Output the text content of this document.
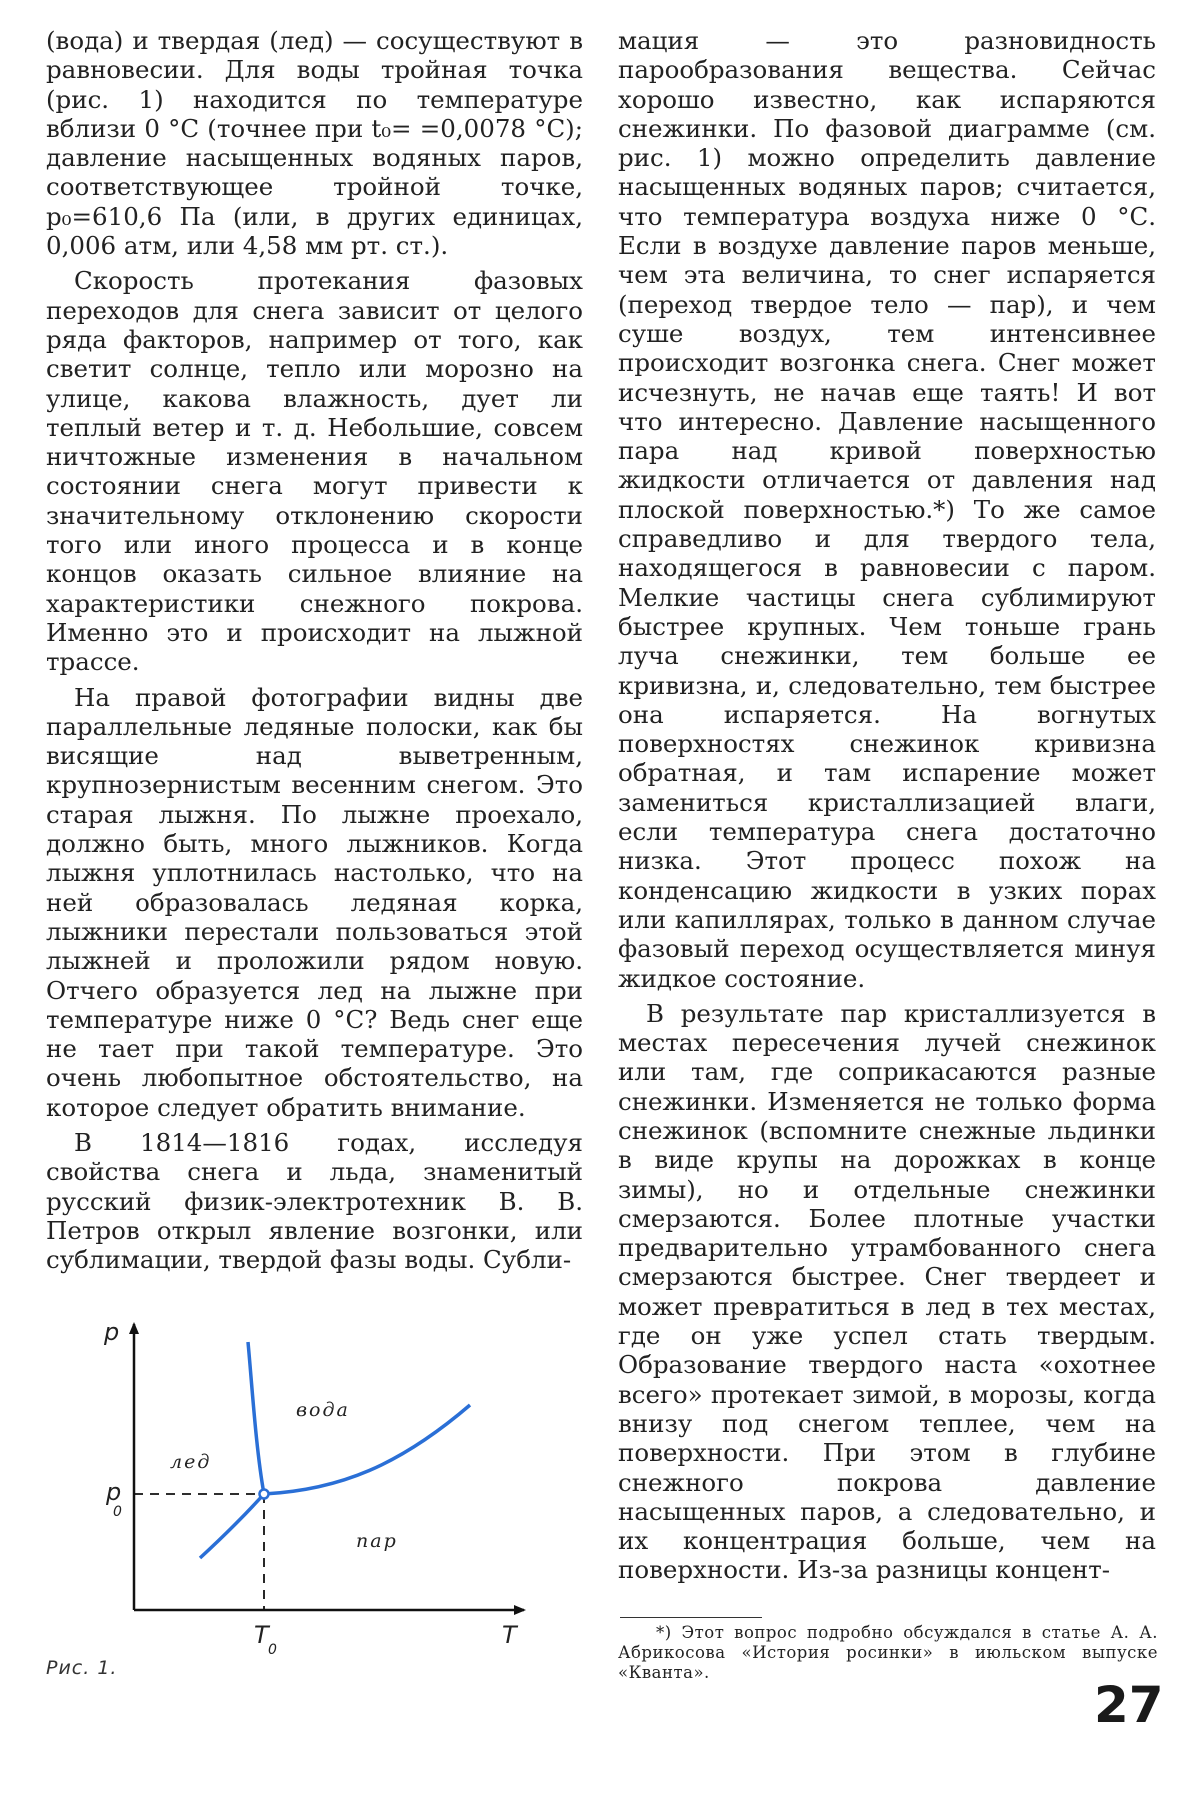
(вода) и твердая (лед) — сосуществуют в равновесии. Для воды тройная точка (рис. 1) находится по температуре вблизи 0 °С (точнее при t₀= =0,0078 °С); давление насыщенных водяных паров, соответствующее тройной точке, p₀=610,6 Па (или, в других единицах, 0,006 атм, или 4,58 мм рт. ст.).

Скорость протекания фазовых переходов для снега зависит от целого ряда факторов, например от того, как светит солнце, тепло или морозно на улице, какова влажность, дует ли теплый ветер и т. д. Небольшие, совсем ничтожные изменения в начальном состоянии снега могут привести к значительному отклонению скорости того или иного процесса и в конце концов оказать сильное влияние на характеристики снежного покрова. Именно это и происходит на лыжной трассе.

На правой фотографии видны две параллельные ледяные полоски, как бы висящие над выветренным, крупнозернистым весенним снегом. Это старая лыжня. По лыжне проехало, должно быть, много лыжников. Когда лыжня уплотнилась настолько, что на ней образовалась ледяная корка, лыжники перестали пользоваться этой лыжней и проложили рядом новую. Отчего образуется лед на лыжне при температуре ниже 0 °С? Ведь снег еще не тает при такой температуре. Это очень любопытное обстоятельство, на которое следует обратить внимание.

В 1814—1816 годах, исследуя свойства снега и льда, знаменитый русский физик-электротехник В. В. Петров открыл явление возгонки, или сублимации, твердой фазы воды. Субли-

мация — это разновидность парообразования вещества. Сейчас хорошо известно, как испаряются снежинки. По фазовой диаграмме (см. рис. 1) можно определить давление насыщенных водяных паров; считается, что температура воздуха ниже 0 °С. Если в воздухе давление паров меньше, чем эта величина, то снег испаряется (переход твердое тело — пар), и чем суше воздух, тем интенсивнее происходит возгонка снега. Снег может исчезнуть, не начав еще таять! И вот что интересно. Давление насыщенного пара над кривой поверхностью жидкости отличается от давления над плоской поверхностью.*) То же самое справедливо и для твердого тела, находящегося в равновесии с паром. Мелкие частицы снега сублимируют быстрее крупных. Чем тоньше грань луча снежинки, тем больше ее кривизна, и, следовательно, тем быстрее она испаряется. На вогнутых поверхностях снежинок кривизна обратная, и там испарение может замениться кристаллизацией влаги, если температура снега достаточно низка. Этот процесс похож на конденсацию жидкости в узких порах или капиллярах, только в данном случае фазовый переход осуществляется минуя жидкое состояние.

В результате пар кристаллизуется в местах пересечения лучей снежинок или там, где соприкасаются разные снежинки. Изменяется не только форма снежинок (вспомните снежные льдинки в виде крупы на дорожках в конце зимы), но и отдельные снежинки смерзаются. Более плотные участки предварительно утрамбованного снега смерзаются быстрее. Снег твердеет и может превратиться в лед в тех местах, где он уже успел стать твердым. Образование твердого наста «охотнее всего» протекает зимой, в морозы, когда внизу под снегом теплее, чем на поверхности. При этом в глубине снежного покрова давление насыщенных паров, а следовательно, и их концентрация больше, чем на поверхности. Из-за разницы концент-

p
T
p
0
T
0
вода
лед
пар
Рис. 1.
*) Этот вопрос подробно обсуждался в статье А. А. Абрикосова «История росинки» в июльском выпуске «Кванта».
27
